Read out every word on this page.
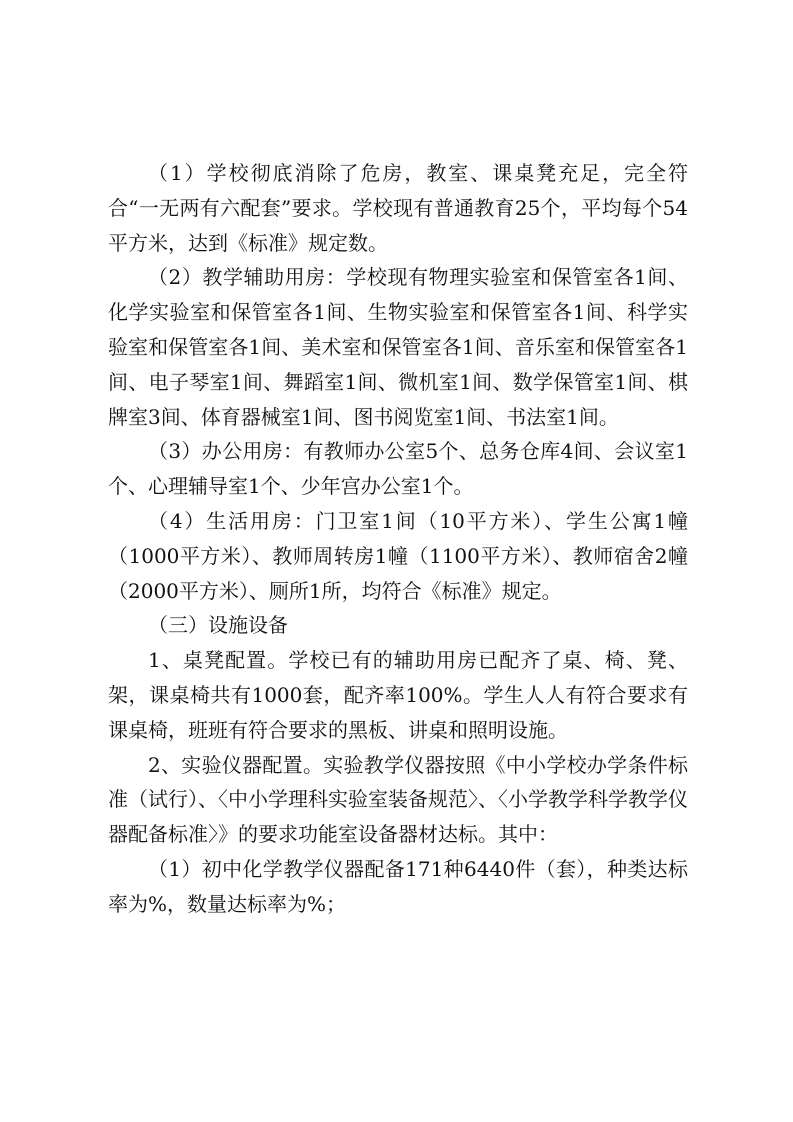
（1）学校彻底消除了危房，教室、课桌凳充足，完全符合“一无两有六配套”要求。学校现有普通教育25个，平均每个54平方米，达到《标准》规定数。

（2）教学辅助用房：学校现有物理实验室和保管室各1间、化学实验室和保管室各1间、生物实验室和保管室各1间、科学实验室和保管室各1间、美术室和保管室各1间、音乐室和保管室各1间、电子琴室1间、舞蹈室1间、微机室1间、数学保管室1间、棋牌室3间、体育器械室1间、图书阅览室1间、书法室1间。

（3）办公用房：有教师办公室5个、总务仓库4间、会议室1个、心理辅导室1个、少年宫办公室1个。

（4）生活用房：门卫室1间（10平方米）、学生公寓1幢（1000平方米）、教师周转房1幢（1100平方米）、教师宿舍2幢（2000平方米）、厕所1所，均符合《标准》规定。

（三）设施设备

1、桌凳配置。学校已有的辅助用房已配齐了桌、椅、凳、架，课桌椅共有1000套，配齐率100%。学生人人有符合要求有课桌椅，班班有符合要求的黑板、讲桌和照明设施。

2、实验仪器配置。实验教学仪器按照《中小学校办学条件标准（试行）、〈中小学理科实验室装备规范〉、〈小学教学科学教学仪器配备标准〉》的要求功能室设备器材达标。其中：

（1）初中化学教学仪器配备171种6440件（套），种类达标率为%，数量达标率为%；
